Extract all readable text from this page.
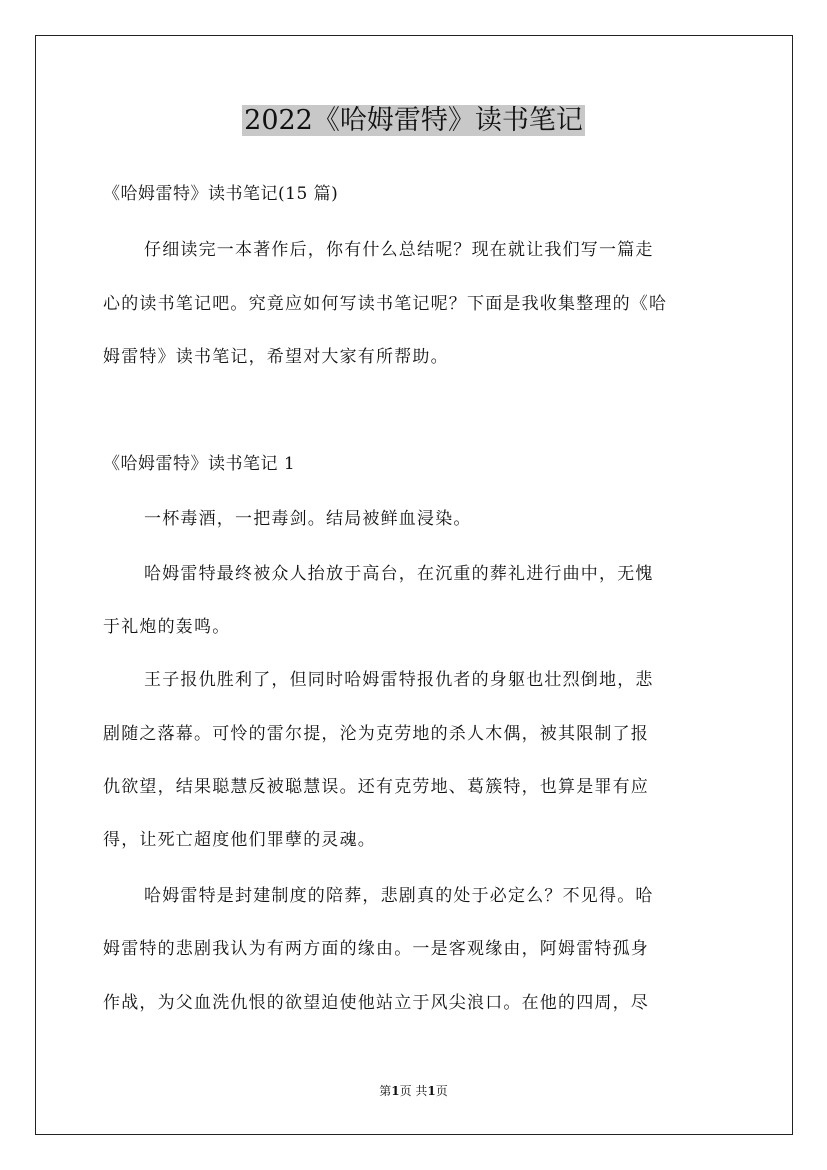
2022《哈姆雷特》读书笔记
《哈姆雷特》读书笔记(15 篇)
仔细读完一本著作后，你有什么总结呢？现在就让我们写一篇走
心的读书笔记吧。究竟应如何写读书笔记呢？下面是我收集整理的《哈
姆雷特》读书笔记，希望对大家有所帮助。
《哈姆雷特》读书笔记 1
一杯毒酒，一把毒剑。结局被鲜血浸染。
哈姆雷特最终被众人抬放于高台，在沉重的葬礼进行曲中，无愧
于礼炮的轰鸣。
王子报仇胜利了，但同时哈姆雷特报仇者的身躯也壮烈倒地，悲
剧随之落幕。可怜的雷尔提，沦为克劳地的杀人木偶，被其限制了报
仇欲望，结果聪慧反被聪慧误。还有克劳地、葛簇特，也算是罪有应
得，让死亡超度他们罪孽的灵魂。
哈姆雷特是封建制度的陪葬，悲剧真的处于必定么？不见得。哈
姆雷特的悲剧我认为有两方面的缘由。一是客观缘由，阿姆雷特孤身
作战，为父血洗仇恨的欲望迫使他站立于风尖浪口。在他的四周，尽
第1页 共1页
